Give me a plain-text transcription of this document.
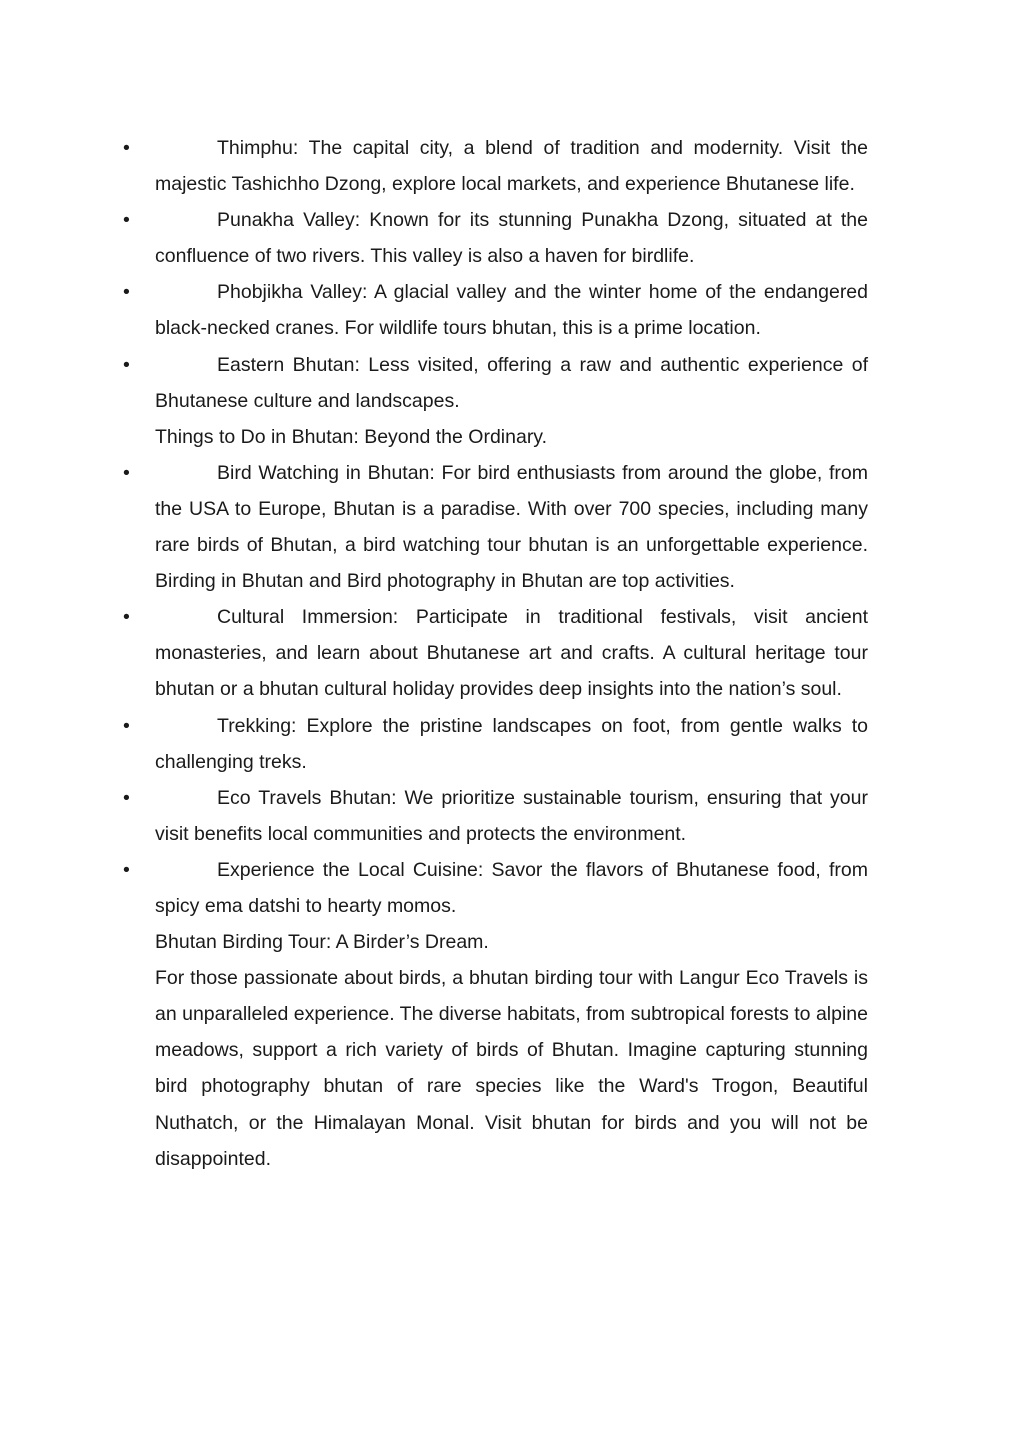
•	Thimphu: The capital city, a blend of tradition and modernity. Visit the majestic Tashichho Dzong, explore local markets, and experience Bhutanese life.

•	Punakha Valley: Known for its stunning Punakha Dzong, situated at the confluence of two rivers. This valley is also a haven for birdlife.

•	Phobjikha Valley: A glacial valley and the winter home of the endangered black-necked cranes. For wildlife tours bhutan, this is a prime location.

•	Eastern Bhutan: Less visited, offering a raw and authentic experience of Bhutanese culture and landscapes.

Things to Do in Bhutan: Beyond the Ordinary.

•	Bird Watching in Bhutan: For bird enthusiasts from around the globe, from the USA to Europe, Bhutan is a paradise. With over 700 species, including many rare birds of Bhutan, a bird watching tour bhutan is an unforgettable experience. Birding in Bhutan and Bird photography in Bhutan are top activities.

•	Cultural Immersion: Participate in traditional festivals, visit ancient monasteries, and learn about Bhutanese art and crafts. A cultural heritage tour bhutan or a bhutan cultural holiday provides deep insights into the nation’s soul.

•	Trekking: Explore the pristine landscapes on foot, from gentle walks to challenging treks.

•	Eco Travels Bhutan: We prioritize sustainable tourism, ensuring that your visit benefits local communities and protects the environment.

•	Experience the Local Cuisine: Savor the flavors of Bhutanese food, from spicy ema datshi to hearty momos.

Bhutan Birding Tour: A Birder’s Dream.

For those passionate about birds, a bhutan birding tour with Langur Eco Travels is an unparalleled experience. The diverse habitats, from subtropical forests to alpine meadows, support a rich variety of birds of Bhutan. Imagine capturing stunning bird photography bhutan of rare species like the Ward's Trogon, Beautiful Nuthatch, or the Himalayan Monal. Visit bhutan for birds and you will not be disappointed.
